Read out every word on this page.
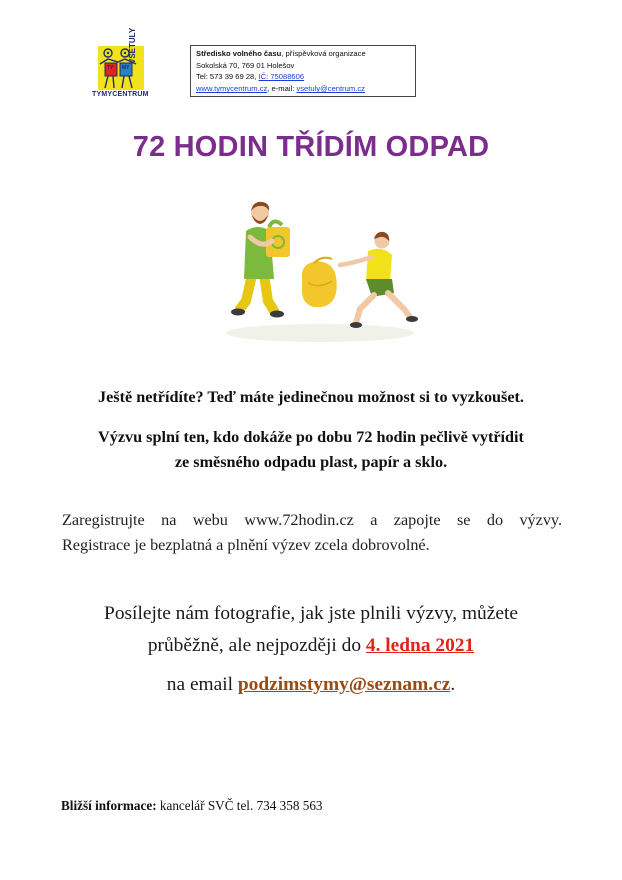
TY MY
TYMYCENTRUM
VŠETULY	Středisko volného času, příspěvková organizace
Sokolská 70, 769 01 Holešov
Tel: 573 39 69 28, IČ: 75088606
www.tymycentrum.cz, e-mail: vsetuly@centrum.cz
72 HODIN TŘÍDÍM ODPAD
Ještě netřídíte? Teď máte jedinečnou možnost si to vyzkoušet.
Výzvu splní ten, kdo dokáže po dobu 72 hodin pečlivě vytřídit
ze směsného odpadu plast, papír a sklo.
Zaregistrujte na webu www.72hodin.cz a zapojte se do výzvy.
Registrace je bezplatná a plnění výzev zcela dobrovolné.
Posílejte nám fotografie, jak jste plnili výzvy, můžete
průběžně, ale nejpozději do 4. ledna 2021
na email podzimstymy@seznam.cz.
Bližší informace: kancelář SVČ tel. 734 358 563
